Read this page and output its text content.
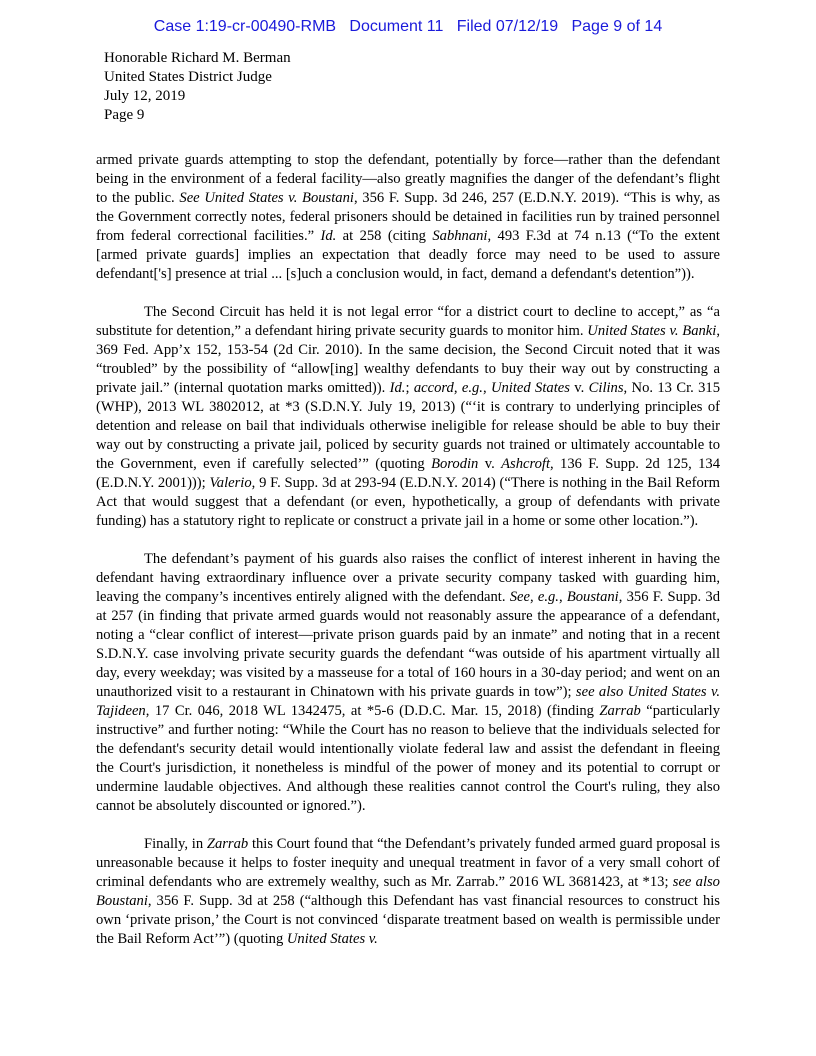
Case 1:19-cr-00490-RMB Document 11 Filed 07/12/19 Page 9 of 14
Honorable Richard M. Berman
United States District Judge
July 12, 2019
Page 9

armed private guards attempting to stop the defendant, potentially by force—rather than the defendant being in the environment of a federal facility—also greatly magnifies the danger of the defendant’s flight to the public. See United States v. Boustani, 356 F. Supp. 3d 246, 257 (E.D.N.Y. 2019). “This is why, as the Government correctly notes, federal prisoners should be detained in facilities run by trained personnel from federal correctional facilities.” Id. at 258 (citing Sabhnani, 493 F.3d at 74 n.13 (“To the extent [armed private guards] implies an expectation that deadly force may need to be used to assure defendant['s] presence at trial ... [s]uch a conclusion would, in fact, demand a defendant's detention”)).

The Second Circuit has held it is not legal error “for a district court to decline to accept,” as “a substitute for detention,” a defendant hiring private security guards to monitor him. United States v. Banki, 369 Fed. App’x 152, 153-54 (2d Cir. 2010). In the same decision, the Second Circuit noted that it was “troubled” by the possibility of “allow[ing] wealthy defendants to buy their way out by constructing a private jail.” (internal quotation marks omitted)). Id.; accord, e.g., United States v. Cilins, No. 13 Cr. 315 (WHP), 2013 WL 3802012, at *3 (S.D.N.Y. July 19, 2013) (“‘it is contrary to underlying principles of detention and release on bail that individuals otherwise ineligible for release should be able to buy their way out by constructing a private jail, policed by security guards not trained or ultimately accountable to the Government, even if carefully selected’” (quoting Borodin v. Ashcroft, 136 F. Supp. 2d 125, 134 (E.D.N.Y. 2001))); Valerio, 9 F. Supp. 3d at 293-94 (E.D.N.Y. 2014) (“There is nothing in the Bail Reform Act that would suggest that a defendant (or even, hypothetically, a group of defendants with private funding) has a statutory right to replicate or construct a private jail in a home or some other location.”).

The defendant’s payment of his guards also raises the conflict of interest inherent in having the defendant having extraordinary influence over a private security company tasked with guarding him, leaving the company’s incentives entirely aligned with the defendant. See, e.g., Boustani, 356 F. Supp. 3d at 257 (in finding that private armed guards would not reasonably assure the appearance of a defendant, noting a “clear conflict of interest—private prison guards paid by an inmate” and noting that in a recent S.D.N.Y. case involving private security guards the defendant “was outside of his apartment virtually all day, every weekday; was visited by a masseuse for a total of 160 hours in a 30-day period; and went on an unauthorized visit to a restaurant in Chinatown with his private guards in tow”); see also United States v. Tajideen, 17 Cr. 046, 2018 WL 1342475, at *5-6 (D.D.C. Mar. 15, 2018) (finding Zarrab “particularly instructive” and further noting: “While the Court has no reason to believe that the individuals selected for the defendant's security detail would intentionally violate federal law and assist the defendant in fleeing the Court's jurisdiction, it nonetheless is mindful of the power of money and its potential to corrupt or undermine laudable objectives. And although these realities cannot control the Court's ruling, they also cannot be absolutely discounted or ignored.”).

Finally, in Zarrab this Court found that “the Defendant’s privately funded armed guard proposal is unreasonable because it helps to foster inequity and unequal treatment in favor of a very small cohort of criminal defendants who are extremely wealthy, such as Mr. Zarrab.” 2016 WL 3681423, at *13; see also Boustani, 356 F. Supp. 3d at 258 (“although this Defendant has vast financial resources to construct his own ‘private prison,’ the Court is not convinced ‘disparate treatment based on wealth is permissible under the Bail Reform Act’”) (quoting United States v.
